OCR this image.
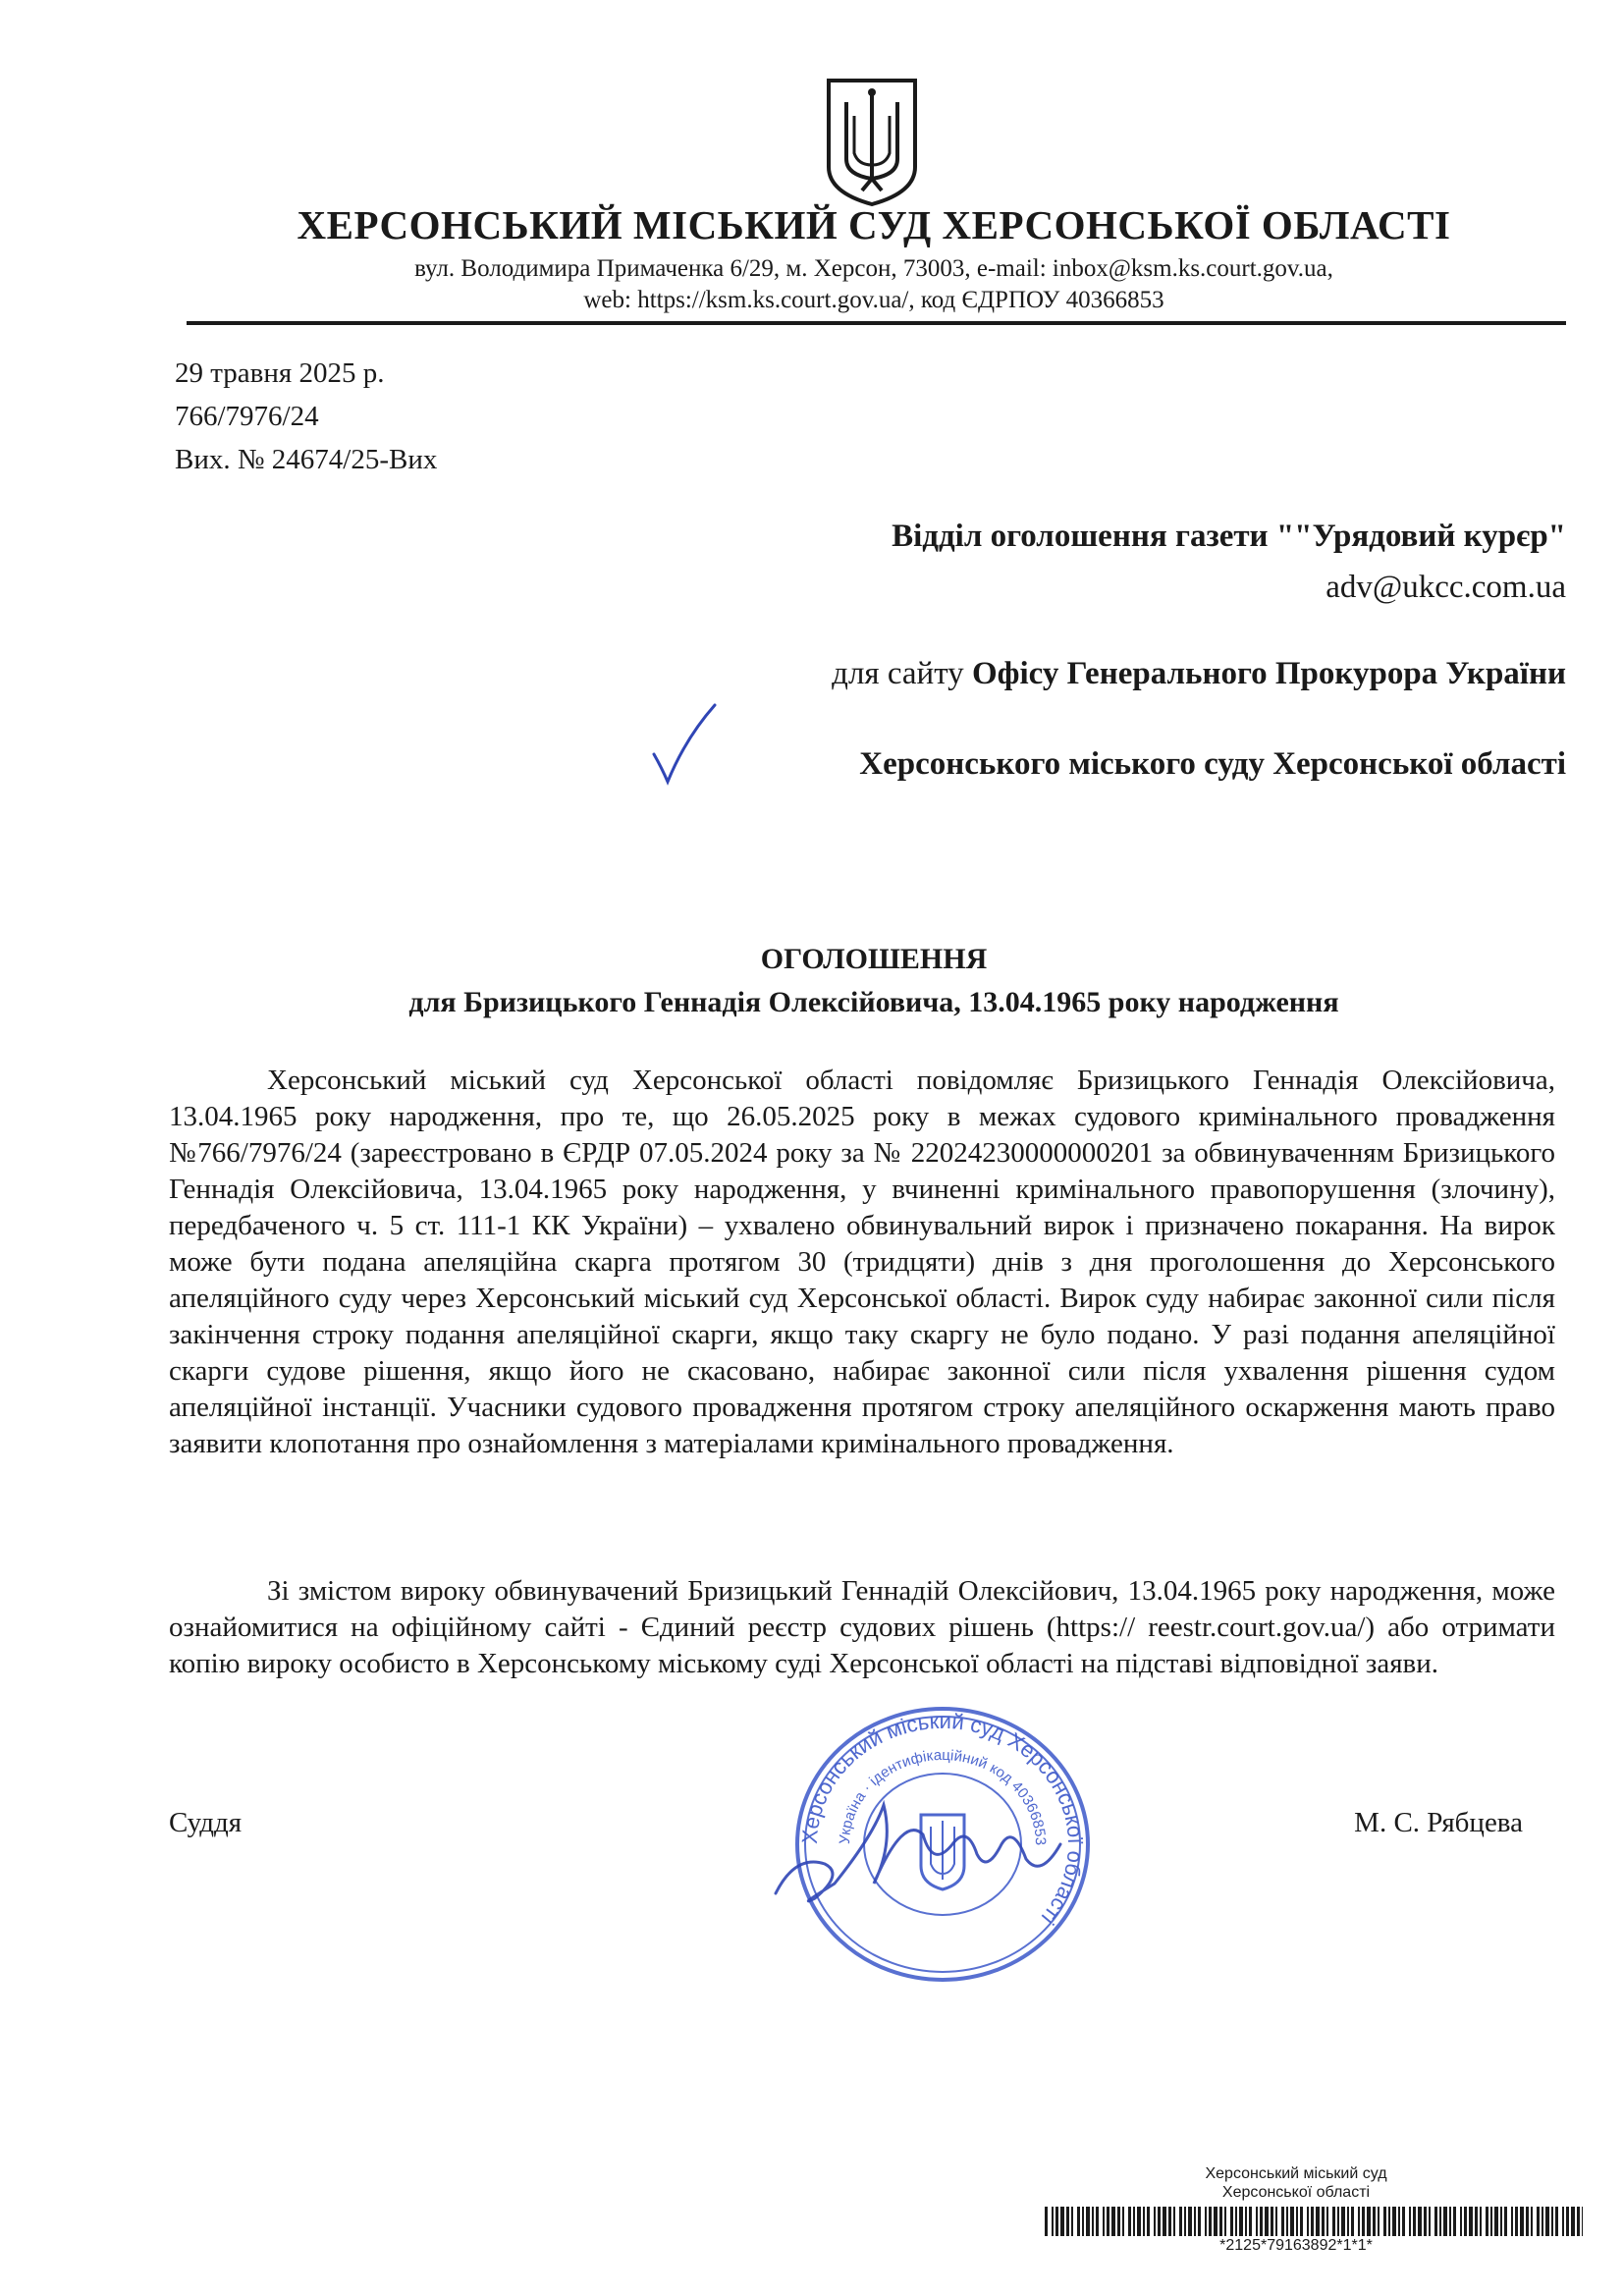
ХЕРСОНСЬКИЙ МІСЬКИЙ СУД ХЕРСОНСЬКОЇ ОБЛАСТІ
вул. Володимира Примаченка 6/29, м. Херсон, 73003, e-mail: inbox@ksm.ks.court.gov.ua,
web: https://ksm.ks.court.gov.ua/, код ЄДРПОУ 40366853
29 травня 2025 р.
766/7976/24
Вих. № 24674/25-Вих
Відділ оголошення газети ""Урядовий курєр"
adv@ukcc.com.ua
для сайту Офісу Генерального Прокурора України
Херсонського міського суду Херсонської області
ОГОЛОШЕННЯ
для Бризицького Геннадія Олексійовича, 13.04.1965 року народження

Херсонський міський суд Херсонської області повідомляє Бризицького Геннадія Олексійовича, 13.04.1965 року народження, про те, що 26.05.2025 року в межах судового кримінального провадження №766/7976/24 (зареєстровано в ЄРДР 07.05.2024 року за № 22024230000000201 за обвинуваченням Бризицького Геннадія Олексійовича, 13.04.1965 року народження, у вчиненні кримінального правопорушення (злочину), передбаченого ч. 5 ст. 111-1 КК України) – ухвалено обвинувальний вирок і призначено покарання. На вирок може бути подана апеляційна скарга протягом 30 (тридцяти) днів з дня проголошення до Херсонського апеляційного суду через Херсонський міський суд Херсонської області. Вирок суду набирає законної сили після закінчення строку подання апеляційної скарги, якщо таку скаргу не було подано. У разі подання апеляційної скарги судове рішення, якщо його не скасовано, набирає законної сили після ухвалення рішення судом апеляційної інстанції. Учасники судового провадження протягом строку апеляційного оскарження мають право заявити клопотання про ознайомлення з матеріалами кримінального провадження.

Зі змістом вироку обвинувачений Бризицький Геннадій Олексійович, 13.04.1965 року народження, може ознайомитися на офіційному сайті - Єдиний реєстр судових рішень (https:// reestr.court.gov.ua/) або отримати копію вироку особисто в Херсонському міському суді Херсонської області на підставі відповідної заяви.

Суддя	М. С. Рябцева
Херсонський міський суд Херсонської області
Україна · ідентифікаційний код 40366853
Херсонський міський суд
Херсонської області
*2125*79163892*1*1*
